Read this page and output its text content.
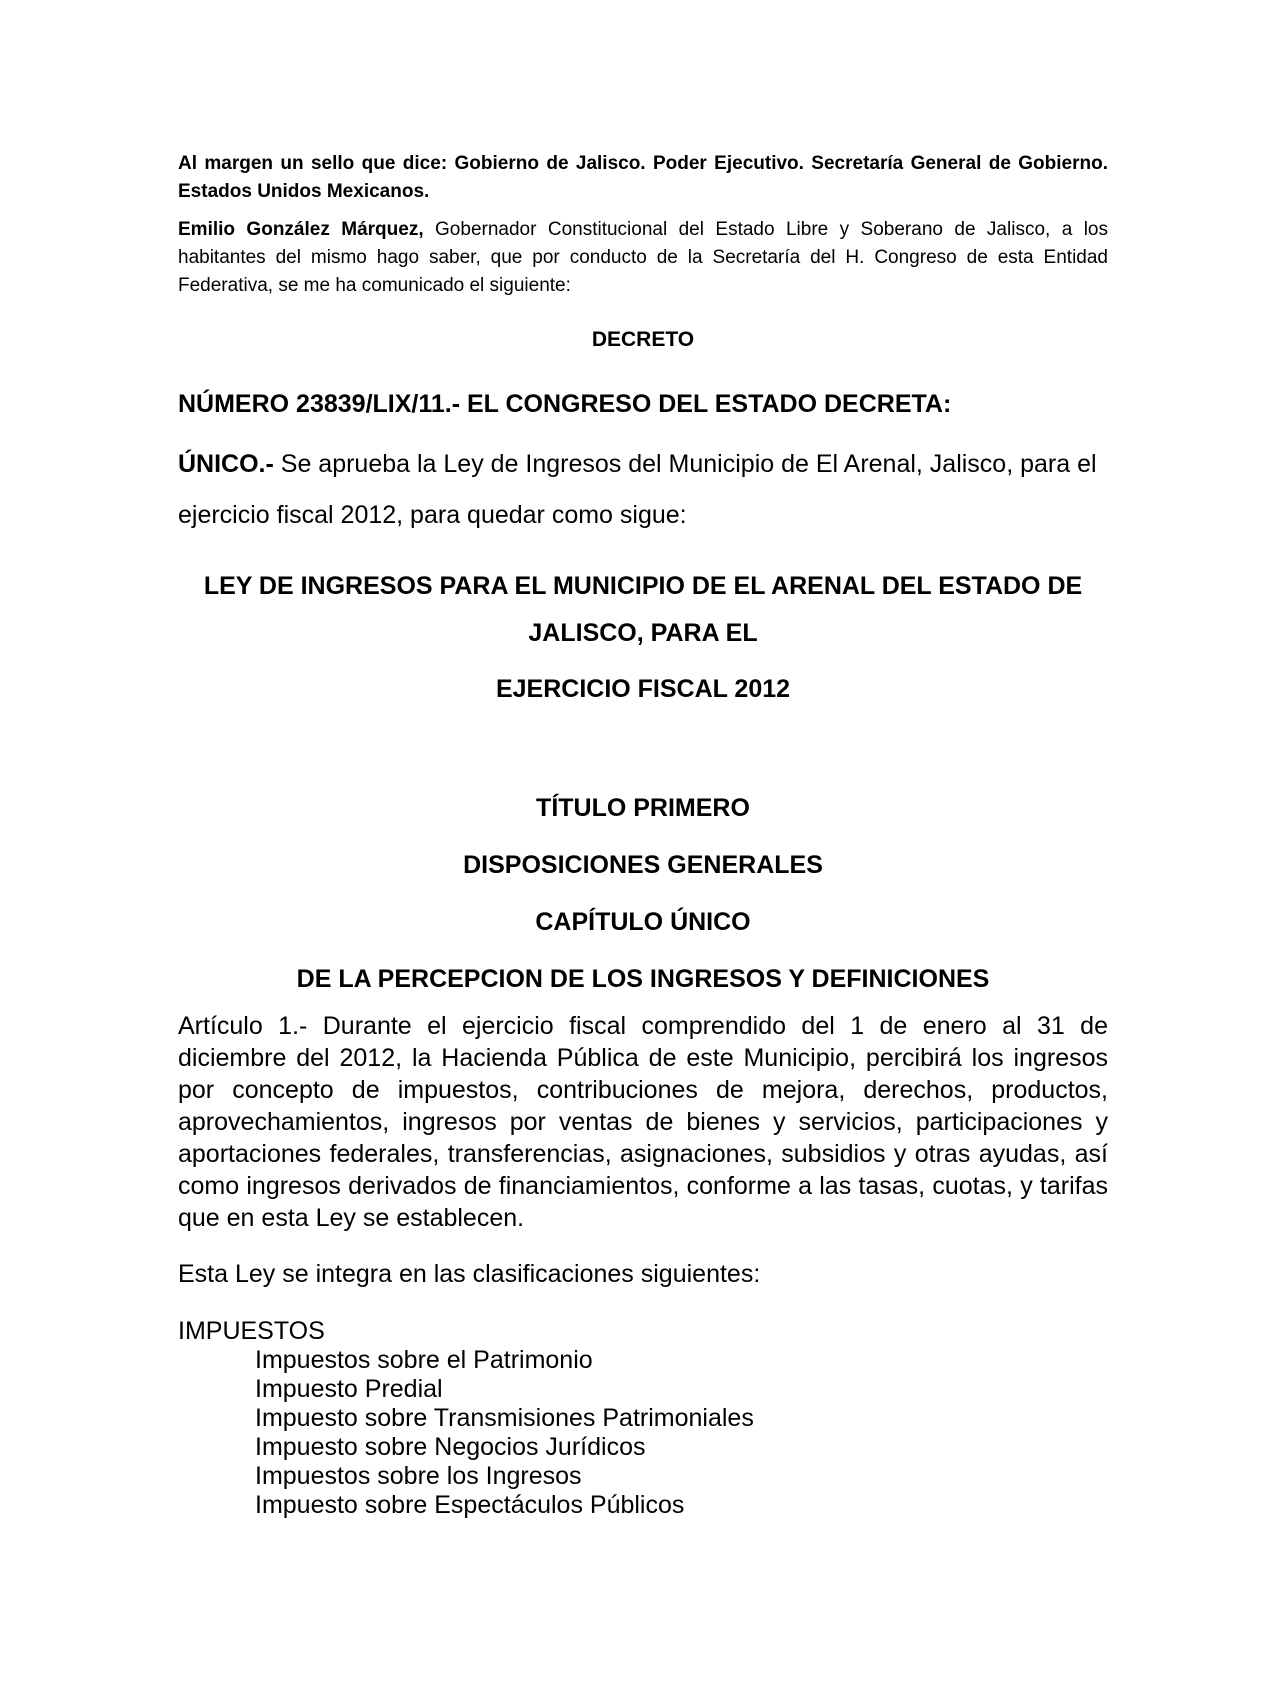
Al margen un sello que dice: Gobierno de Jalisco. Poder Ejecutivo. Secretaría General de Gobierno. Estados Unidos Mexicanos.

Emilio González Márquez, Gobernador Constitucional del Estado Libre y Soberano de Jalisco, a los habitantes del mismo hago saber, que por conducto de la Secretaría del H. Congreso de esta Entidad Federativa, se me ha comunicado el siguiente:

DECRETO
NÚMERO 23839/LIX/11.- EL CONGRESO DEL ESTADO DECRETA:

ÚNICO.- Se aprueba la Ley de Ingresos del Municipio de El Arenal, Jalisco, para el ejercicio fiscal 2012, para quedar como sigue:

LEY DE INGRESOS PARA EL MUNICIPIO DE EL ARENAL DEL ESTADO DE JALISCO, PARA EL
EJERCICIO FISCAL 2012
TÍTULO PRIMERO
DISPOSICIONES GENERALES
CAPÍTULO ÚNICO
DE LA PERCEPCION DE LOS INGRESOS Y DEFINICIONES

Artículo 1.- Durante el ejercicio fiscal comprendido del 1 de enero al 31 de diciembre del 2012, la Hacienda Pública de este Municipio, percibirá los ingresos por concepto de impuestos, contribuciones de mejora, derechos, productos, aprovechamientos, ingresos por ventas de bienes y servicios, participaciones y aportaciones federales, transferencias, asignaciones, subsidios y otras ayudas, así como ingresos derivados de financiamientos, conforme a las tasas, cuotas, y tarifas que en esta Ley se establecen.

Esta Ley se integra en las clasificaciones siguientes:
IMPUESTOS
Impuestos sobre el Patrimonio
Impuesto Predial
Impuesto sobre Transmisiones Patrimoniales
Impuesto sobre Negocios Jurídicos
Impuestos sobre los Ingresos
Impuesto sobre Espectáculos Públicos
